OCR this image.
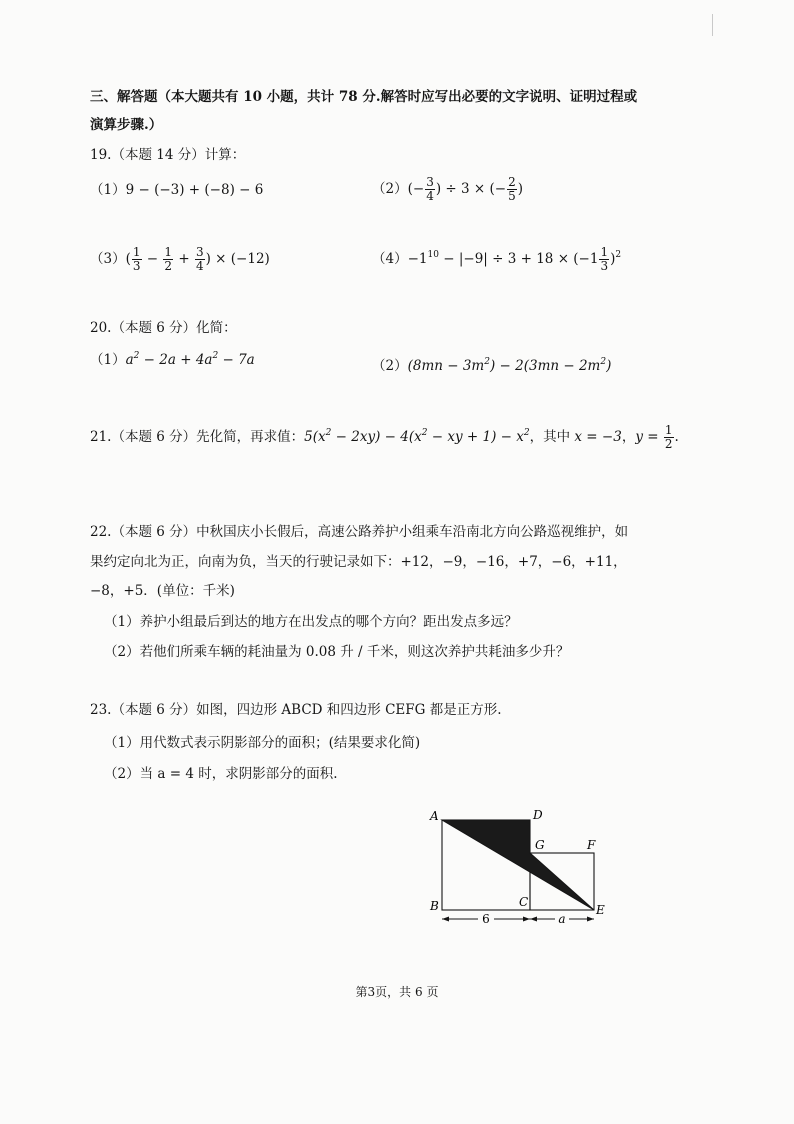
三、解答题（本大题共有 10 小题，共计 78 分.解答时应写出必要的文字说明、证明过程或
演算步骤.）
19.（本题 14 分）计算：
（1）9 − (−3) + (−8) − 6	$(2)(- \frac{3}{4}$ ) ÷ 3 × (− $\frac{2}{5}$ )
$(3)( \frac{1}{3} - \frac{1}{2} + \frac{3}{4}$ ) × (−12)	$(4)-1^{10} - |-9| \div 3 + 18 \times (-1 \frac{1}{3} )^2$
20.（本题 6 分）化简：
$(1)a^2 - 2a + 4a^2 - 7a$	$(2)(8mn - 3m^2) - 2(3mn - 2m^2)$
21.（本题 6 分）先化简，再求值：$5(x^2 - 2xy) - 4(x^2$ − xy + $1) - x^2$，其中 x = −3，$y = \frac{1}{2}$ .
22.（本题 6 分）中秋国庆小长假后，高速公路养护小组乘车沿南北方向公路巡视维护，如
果约定向北为正，向南为负，当天的行驶记录如下：+12，−9，−16，+7，−6，+11，
−8，+5．(单位：千米)
（1）养护小组最后到达的地方在出发点的哪个方向？距出发点多远？
（2）若他们所乘车辆的耗油量为 0.08 升 / 千米，则这次养护共耗油多少升？
23.（本题 6 分）如图，四边形 ABCD 和四边形 CEFG 都是正方形.
（1）用代数式表示阴影部分的面积；(结果要求化简)
（2）当 a = 4 时，求阴影部分的面积.
6	a
A	D
G	F
B	C
E
第3页，共 6 页
